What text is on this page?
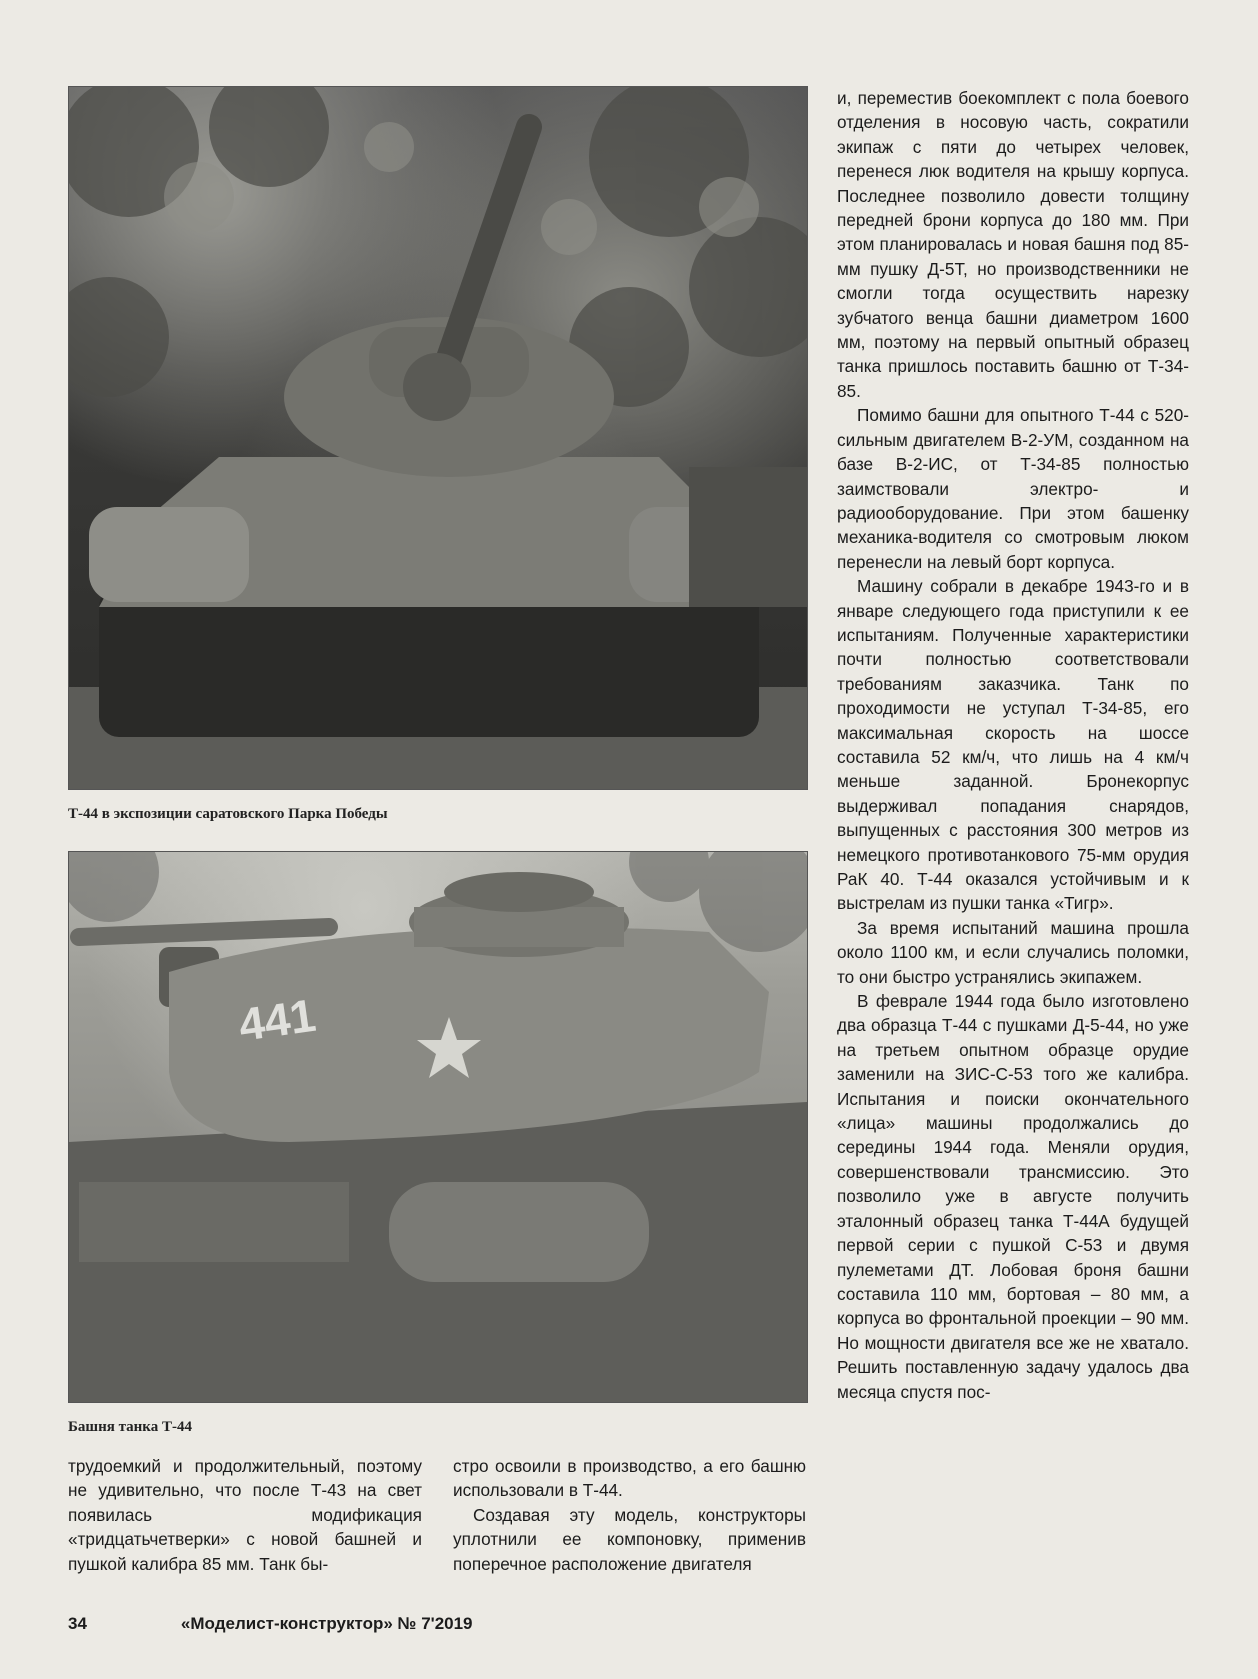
Т-44 в экспозиции саратовского Парка Победы

441

Башня танка Т-44

и, переместив боекомплект с пола боевого отделения в носовую часть, сократили экипаж с пяти до четырех человек, перенеся люк водителя на крышу корпуса. Последнее позволило довести толщину передней брони корпуса до 180 мм. При этом планировалась и новая башня под 85-мм пушку Д-5Т, но производственники не смогли тогда осуществить нарезку зубчатого венца башни диаметром 1600 мм, поэтому на первый опытный образец танка пришлось поставить башню от Т-34-85.

Помимо башни для опытного Т-44 с 520-сильным двигателем В-2-УМ, созданном на базе В-2-ИС, от Т-34-85 полностью заимствовали электро- и радиооборудование. При этом башенку механика-водителя со смотровым люком перенесли на левый борт корпуса.

Машину собрали в декабре 1943-го и в январе следующего года приступили к ее испытаниям. Полученные характеристики почти полностью соответствовали требованиям заказчика. Танк по проходимости не уступал Т-34-85, его максимальная скорость на шоссе составила 52 км/ч, что лишь на 4 км/ч меньше заданной. Бронекорпус выдерживал попадания снарядов, выпущенных с расстояния 300 метров из немецкого противотанкового 75-мм орудия РаК 40. Т-44 оказался устойчивым и к выстрелам из пушки танка «Тигр».

За время испытаний машина прошла около 1100 км, и если случались поломки, то они быстро устранялись экипажем.

В феврале 1944 года было изготовлено два образца Т-44 с пушками Д-5-44, но уже на третьем опытном образце орудие заменили на ЗИС-С-53 того же калибра. Испытания и поиски окончательного «лица» машины продолжались до середины 1944 года. Меняли орудия, совершенствовали трансмиссию. Это позволило уже в августе получить эталонный образец танка Т-44А будущей первой серии с пушкой С-53 и двумя пулеметами ДТ. Лобовая броня башни составила 110 мм, бортовая – 80 мм, а корпуса во фронтальной проекции – 90 мм. Но мощности двигателя все же не хватало. Решить поставленную задачу удалось два месяца спустя пос-

трудоемкий и продолжительный, поэтому не удивительно, что после Т-43 на свет появилась модификация «тридцатьчетверки» с новой башней и пушкой калибра 85 мм. Танк бы-

стро освоили в производство, а его башню использовали в Т-44.

Создавая эту модель, конструкторы уплотнили ее компоновку, применив поперечное расположение двигателя

34	«Моделист-конструктор» № 7'2019
